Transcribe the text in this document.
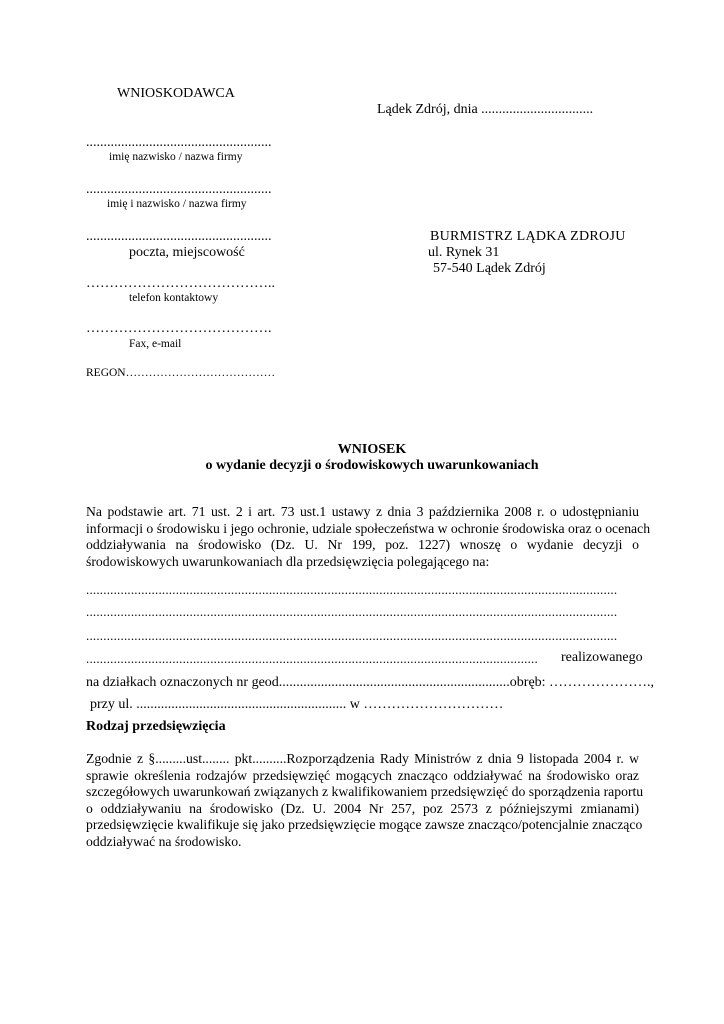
WNIOSKODAWCA
Lądek Zdrój, dnia ................................
.....................................................
imię nazwisko / nazwa firmy
.....................................................
imię i nazwisko / nazwa firmy
.....................................................
poczta, miejscowość
…………………………………..
telefon kontaktowy
………………………………….
Fax, e-mail
REGON…………………………………
BURMISTRZ LĄDKA ZDROJU
ul. Rynek 31
57-540 Lądek Zdrój
WNIOSEK
o wydanie decyzji o środowiskowych uwarunkowaniach
Na podstawie art. 71 ust. 2 i art. 73 ust.1 ustawy z dnia 3 października 2008 r. o udostępnianiu
informacji o środowisku i jego ochronie, udziale społeczeństwa w ochronie środowiska oraz o ocenach
oddziaływania na środowisko (Dz. U. Nr 199, poz. 1227) wnoszę o wydanie decyzji o
środowiskowych uwarunkowaniach dla przedsięwzięcia polegającego na:
..........................................................................................................................................................
..........................................................................................................................................................
..........................................................................................................................................................
...................................................................................................................................	realizowanego
na działkach oznaczonych nr geod..................................................................obręb: ………………….,
przy ul. ............................................................ w …………………………
Rodzaj przedsięwzięcia
Zgodnie z §.........ust........ pkt..........Rozporządzenia Rady Ministrów z dnia 9 listopada 2004 r. w
sprawie określenia rodzajów przedsięwzięć mogących znacząco oddziaływać na środowisko oraz
szczegółowych uwarunkowań związanych z kwalifikowaniem przedsięwzięć do sporządzenia raportu
o oddziaływaniu na środowisko (Dz. U. 2004 Nr 257, poz 2573 z późniejszymi zmianami)
przedsięwzięcie kwalifikuje się jako przedsięwzięcie mogące zawsze znacząco/potencjalnie znacząco
oddziaływać na środowisko.
